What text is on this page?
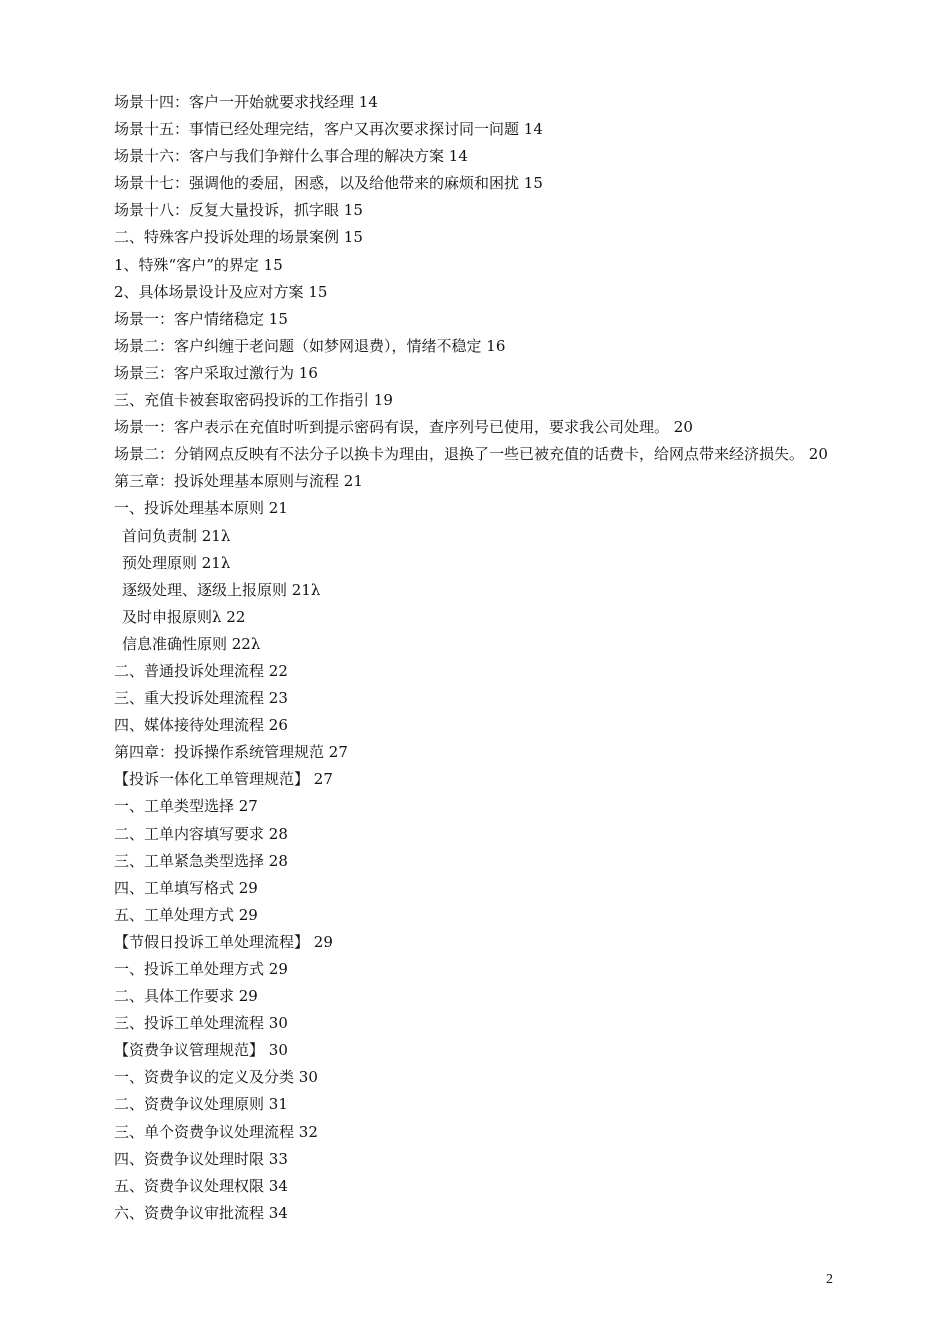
场景十四：客户一开始就要求找经理 14
场景十五：事情已经处理完结，客户又再次要求探讨同一问题 14
场景十六：客户与我们争辩什么事合理的解决方案 14
场景十七：强调他的委屈，困惑，以及给他带来的麻烦和困扰 15
场景十八：反复大量投诉，抓字眼 15
二、特殊客户投诉处理的场景案例 15
1、特殊“客户”的界定 15
2、具体场景设计及应对方案 15
场景一：客户情绪稳定 15
场景二：客户纠缠于老问题（如梦网退费），情绪不稳定 16
场景三：客户采取过激行为 16
三、充值卡被套取密码投诉的工作指引 19
场景一：客户表示在充值时听到提示密码有误，查序列号已使用，要求我公司处理。 20
场景二：分销网点反映有不法分子以换卡为理由，退换了一些已被充值的话费卡，给网点带来经济损失。 20
第三章：投诉处理基本原则与流程 21
一、投诉处理基本原则 21
首问负责制 21λ
预处理原则 21λ
逐级处理、逐级上报原则 21λ
及时申报原则λ 22
信息准确性原则 22λ
二、普通投诉处理流程 22
三、重大投诉处理流程 23
四、媒体接待处理流程 26
第四章：投诉操作系统管理规范 27
【投诉一体化工单管理规范】 27
一、工单类型选择 27
二、工单内容填写要求 28
三、工单紧急类型选择 28
四、工单填写格式 29
五、工单处理方式 29
【节假日投诉工单处理流程】 29
一、投诉工单处理方式 29
二、具体工作要求 29
三、投诉工单处理流程 30
【资费争议管理规范】 30
一、资费争议的定义及分类 30
二、资费争议处理原则 31
三、单个资费争议处理流程 32
四、资费争议处理时限 33
五、资费争议处理权限 34
六、资费争议审批流程 34
2
